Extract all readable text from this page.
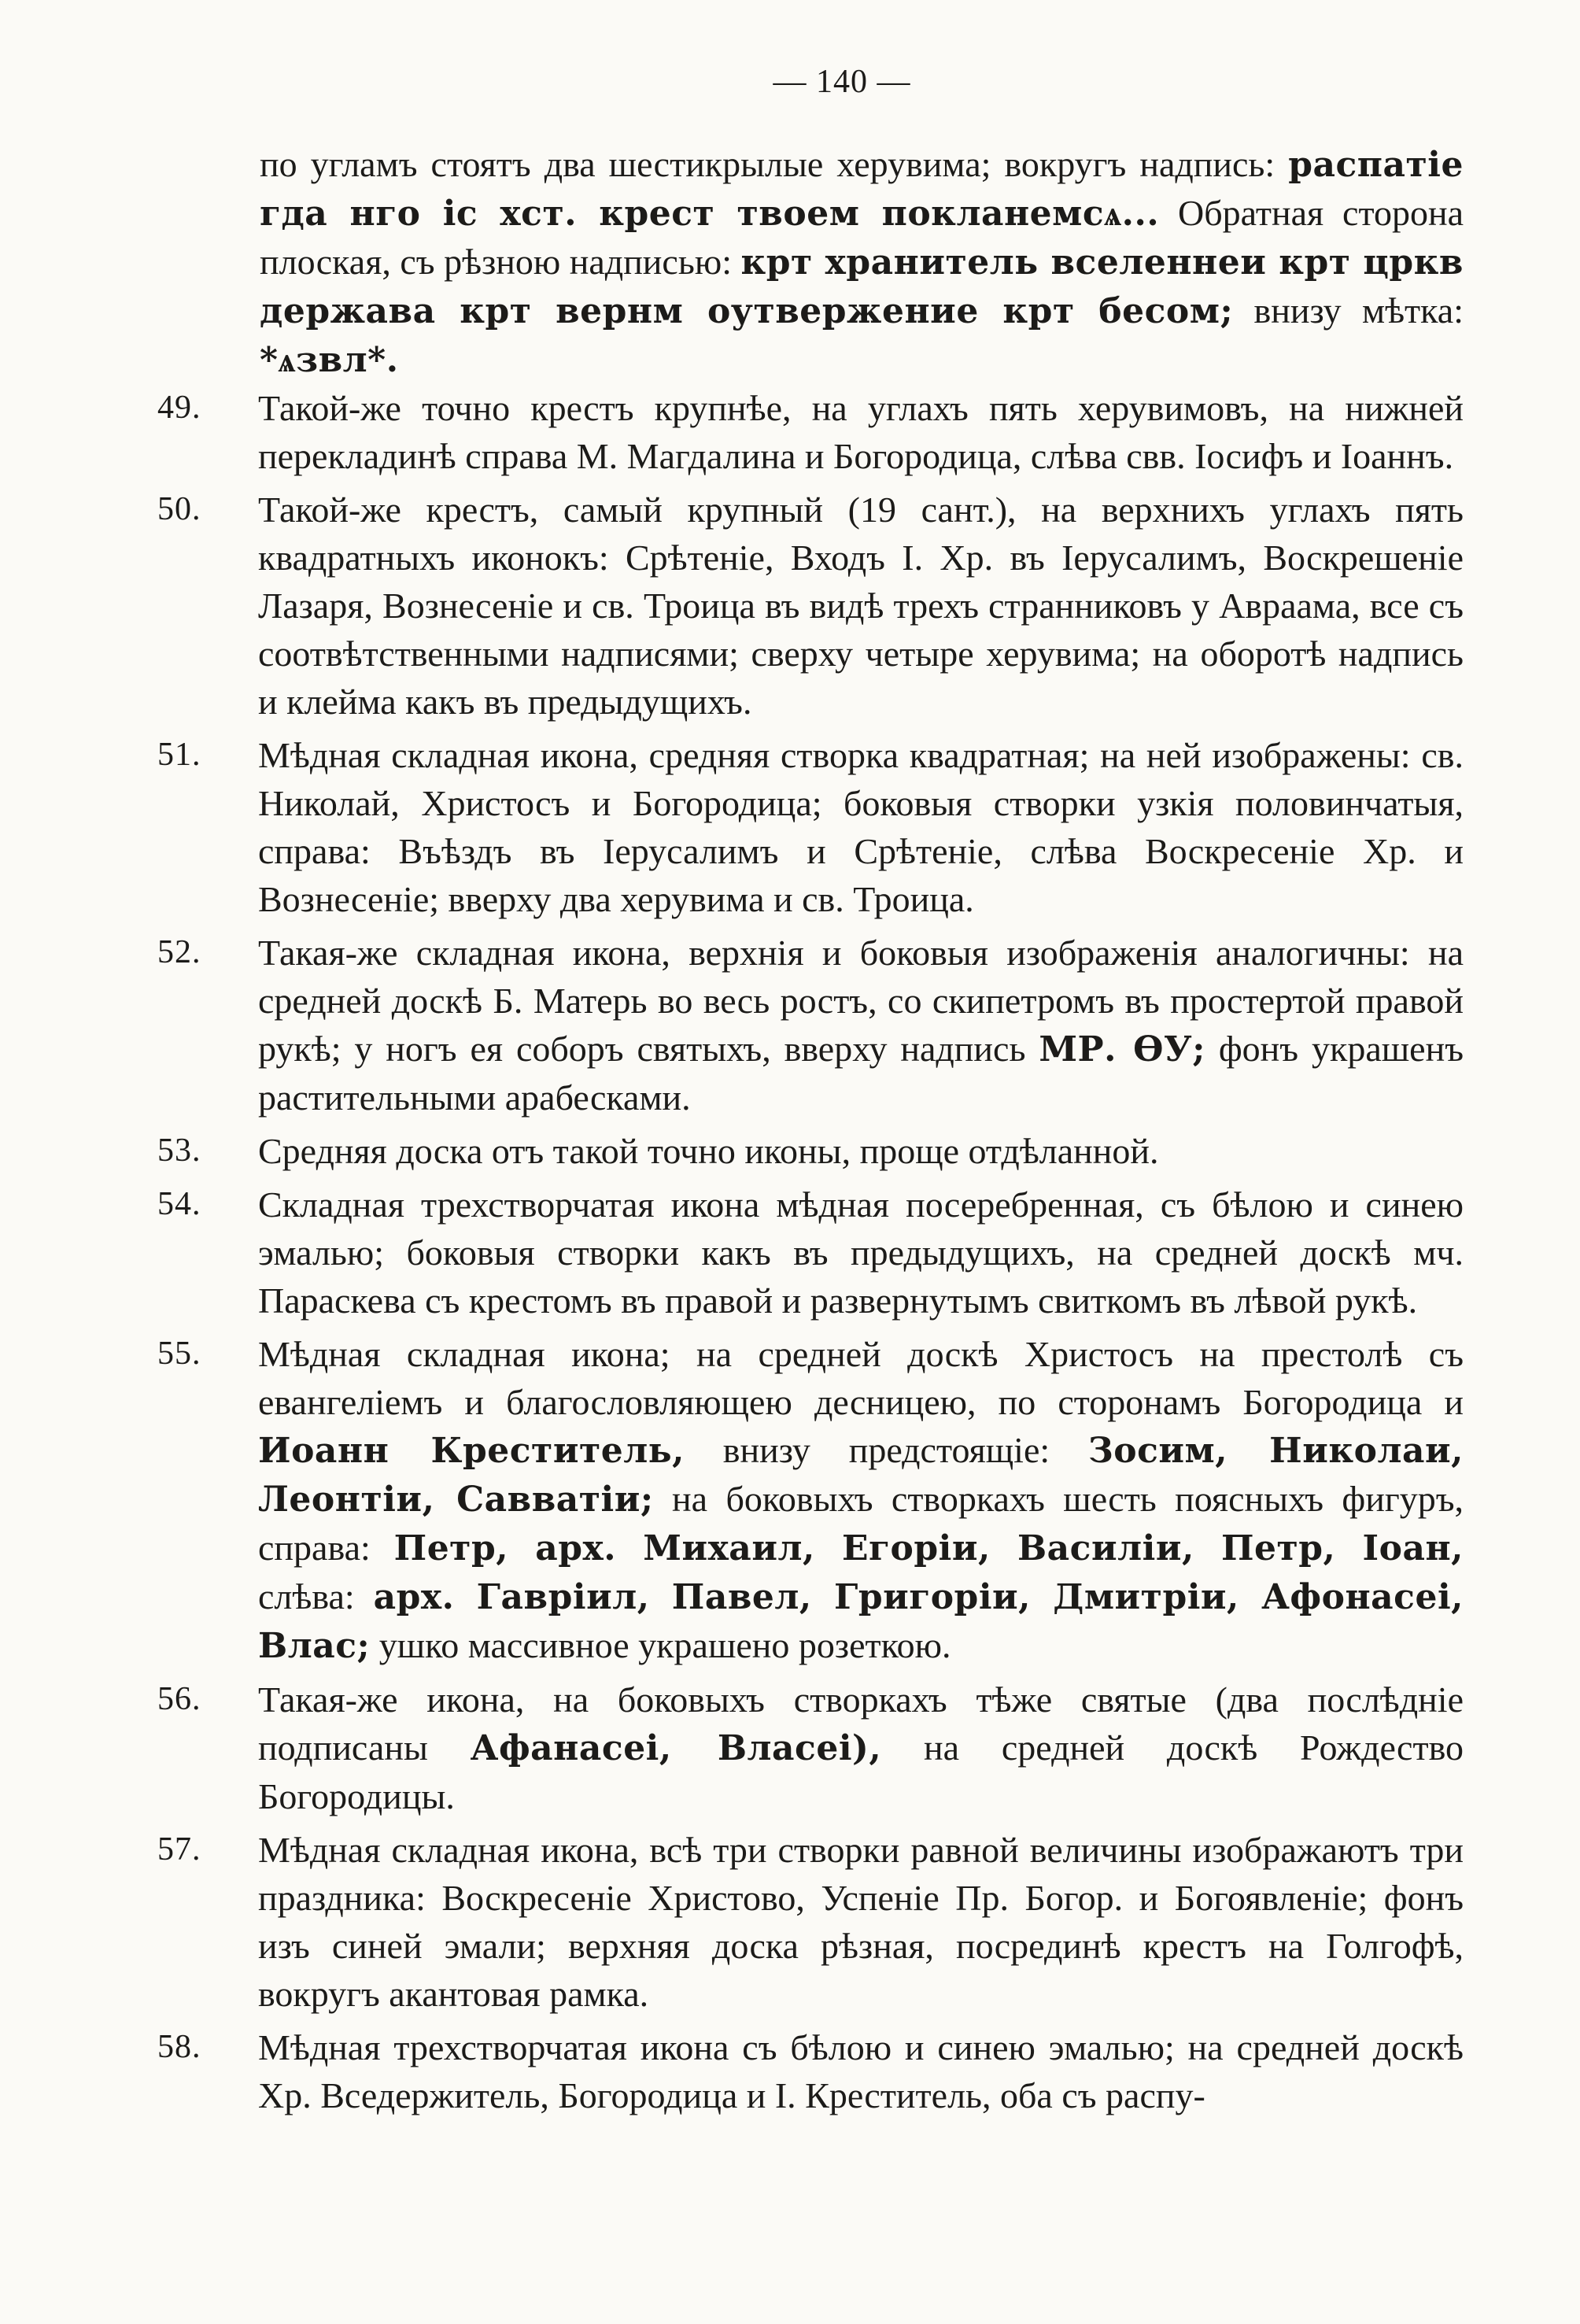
— 140 —

по угламъ стоятъ два шестикрылые херувима; вокругъ надпись: распатіе гда нго іс хст. крест твоем покланемсѧ... Обратная сторона плоская, съ рѣзною надписью: крт хранитель вселеннеи крт цркв держава крт вернм оутвержение крт бесом; внизу мѣтка: *ѧзвл*.

49.	Такой-же точно крестъ крупнѣе, на углахъ пять херувимовъ, на нижней перекладинѣ справа М. Магдалина и Богородица, слѣва свв. Іосифъ и Іоаннъ.

50.	Такой-же крестъ, самый крупный (19 сант.), на верхнихъ углахъ пять квадратныхъ иконокъ: Срѣтеніе, Входъ І. Хр. въ Іерусалимъ, Воскрешеніе Лазаря, Вознесеніе и св. Троица въ видѣ трехъ странниковъ у Авраама, все съ соотвѣтственными надписями; сверху четыре херувима; на оборотѣ надпись и клейма какъ въ предыдущихъ.

51.	Мѣдная складная икона, средняя створка квадратная; на ней изображены: св. Николай, Христосъ и Богородица; боковыя створки узкія половинчатыя, справа: Въѣздъ въ Іерусалимъ и Срѣтеніе, слѣва Воскресеніе Хр. и Вознесеніе; вверху два херувима и св. Троица.

52.	Такая-же складная икона, верхнія и боковыя изображенія аналогичны: на средней доскѣ Б. Матерь во весь ростъ, со скипетромъ въ простертой правой рукѣ; у ногъ ея соборъ святыхъ, вверху надпись МР. ѲУ; фонъ украшенъ растительными арабесками.

53.	Средняя доска отъ такой точно иконы, проще отдѣланной.

54.	Складная трехстворчатая икона мѣдная посеребренная, съ бѣлою и синею эмалью; боковыя створки какъ въ предыдущихъ, на средней доскѣ мч. Параскева съ крестомъ въ правой и развернутымъ свиткомъ въ лѣвой рукѣ.

55.	Мѣдная складная икона; на средней доскѣ Христосъ на престолѣ съ евангеліемъ и благословляющею десницею, по сторонамъ Богородица и Иоанн Креститель, внизу предстоящіе: Зосим, Николаи, Леонтіи, Савватіи; на боковыхъ створкахъ шесть поясныхъ фигуръ, справа: Петр, арх. Михаил, Егоріи, Василіи, Петр, Іоан, слѣва: арх. Гавріил, Павел, Григоріи, Дмитріи, Афонасеі, Влас; ушко массивное украшено розеткою.

56.	Такая-же икона, на боковыхъ створкахъ тѣже святые (два послѣдніе подписаны Афанасеі, Власеі), на средней доскѣ Рождество Богородицы.

57.	Мѣдная складная икона, всѣ три створки равной величины изображаютъ три праздника: Воскресеніе Христово, Успеніе Пр. Богор. и Богоявленіе; фонъ изъ синей эмали; верхняя доска рѣзная, посрединѣ крестъ на Голгофѣ, вокругъ акантовая рамка.

58.	Мѣдная трехстворчатая икона съ бѣлою и синею эмалью; на средней доскѣ Хр. Вседержитель, Богородица и І. Креститель, оба съ распу-
